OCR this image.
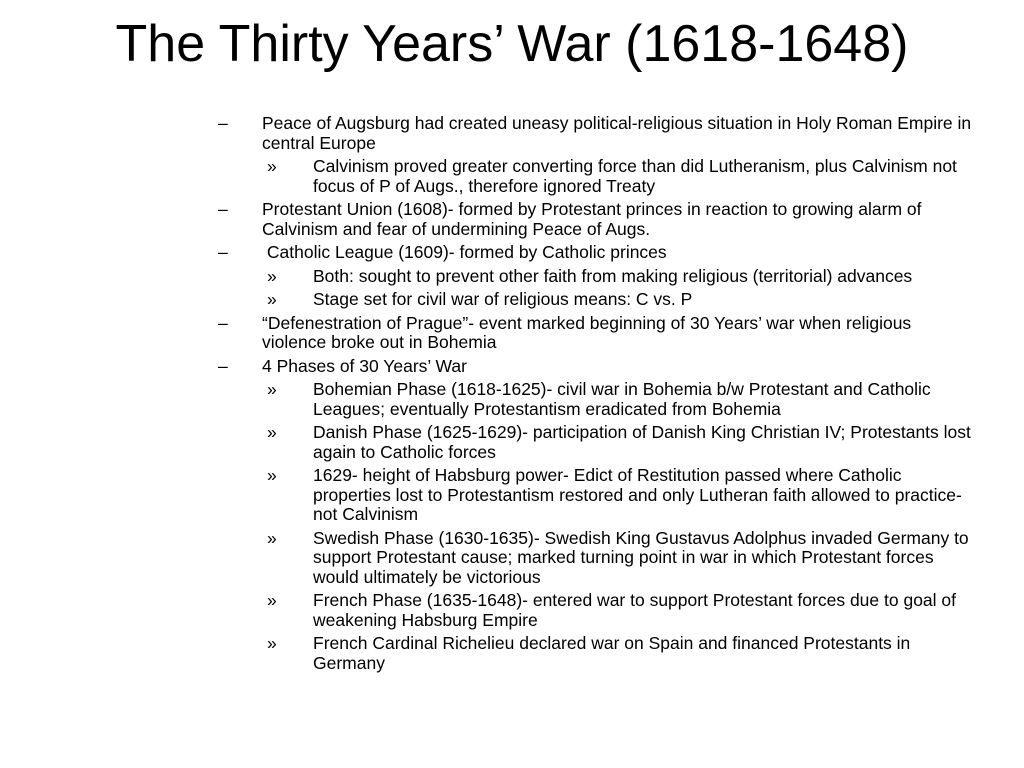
The Thirty Years’ War (1618-1648)
– Peace of Augsburg had created uneasy political-religious situation in Holy Roman Empire in central Europe
» Calvinism proved greater converting force than did Lutheranism, plus Calvinism not focus of P of Augs., therefore ignored Treaty
– Protestant Union (1608)- formed by Protestant princes in reaction to growing alarm of Calvinism and fear of undermining Peace of Augs.
– Catholic League (1609)- formed by Catholic princes
» Both: sought to prevent other faith from making religious (territorial) advances
» Stage set for civil war of religious means: C vs. P
– “Defenestration of Prague”- event marked beginning of 30 Years’ war when religious violence broke out in Bohemia
– 4 Phases of 30 Years’ War
» Bohemian Phase (1618-1625)- civil war in Bohemia b/w Protestant and Catholic Leagues; eventually Protestantism eradicated from Bohemia
» Danish Phase (1625-1629)- participation of Danish King Christian IV; Protestants lost again to Catholic forces
» 1629- height of Habsburg power- Edict of Restitution passed where Catholic properties lost to Protestantism restored and only Lutheran faith allowed to practice- not Calvinism
» Swedish Phase (1630-1635)- Swedish King Gustavus Adolphus invaded Germany to support Protestant cause; marked turning point in war in which Protestant forces would ultimately be victorious
» French Phase (1635-1648)- entered war to support Protestant forces due to goal of weakening Habsburg Empire
» French Cardinal Richelieu declared war on Spain and financed Protestants in Germany
